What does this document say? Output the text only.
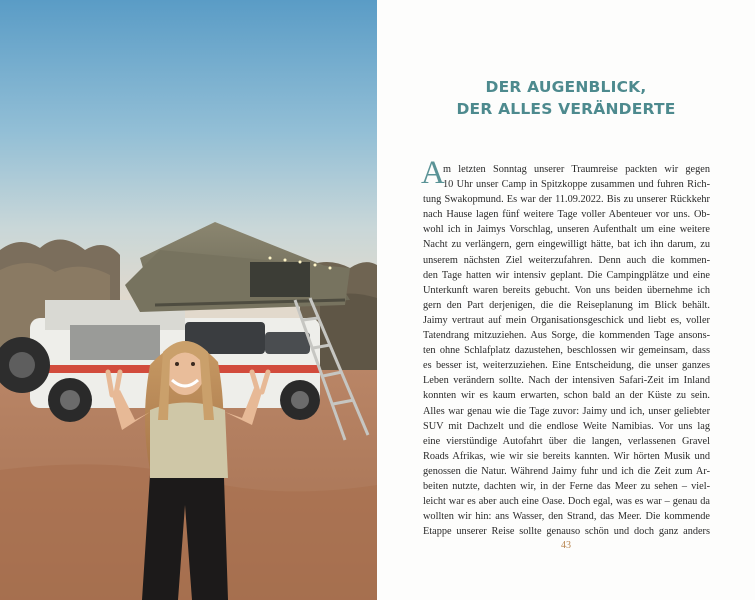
DER AUGENBLICK,
DER ALLES VERÄNDERTE
A
m letzten Sonntag unserer Traumreise packten wir gegen
10 Uhr unser Camp in Spitzkoppe zusammen und fuhren Rich-
tung Swakopmund. Es war der 11.09.2022. Bis zu unserer Rückkehr
nach Hause lagen fünf weitere Tage voller Abenteuer vor uns. Ob-
wohl ich in Jaimys Vorschlag, unseren Aufenthalt um eine weitere
Nacht zu verlängern, gern eingewilligt hätte, bat ich ihn darum, zu
unserem nächsten Ziel weiterzufahren. Denn auch die kommen-
den Tage hatten wir intensiv geplant. Die Campingplätze und eine
Unterkunft waren bereits gebucht. Von uns beiden übernehme ich
gern den Part derjenigen, die die Reiseplanung im Blick behält.
Jaimy vertraut auf mein Organisationsgeschick und liebt es, voller
Tatendrang mitzuziehen. Aus Sorge, die kommenden Tage ansons-
ten ohne Schlafplatz dazustehen, beschlossen wir gemeinsam, dass
es besser ist, weiterzuziehen. Eine Entscheidung, die unser ganzes
Leben verändern sollte. Nach der intensiven Safari-Zeit im Inland
konnten wir es kaum erwarten, schon bald an der Küste zu sein.
Alles war genau wie die Tage zuvor: Jaimy und ich, unser geliebter
SUV mit Dachzelt und die endlose Weite Namibias. Vor uns lag
eine vierstündige Autofahrt über die langen, verlassenen Gravel
Roads Afrikas, wie wir sie bereits kannten. Wir hörten Musik und
genossen die Natur. Während Jaimy fuhr und ich die Zeit zum Ar-
beiten nutzte, dachten wir, in der Ferne das Meer zu sehen – viel-
leicht war es aber auch eine Oase. Doch egal, was es war – genau da
wollten wir hin: ans Wasser, den Strand, das Meer. Die kommende
Etappe unserer Reise sollte genauso schön und doch ganz anders
43
